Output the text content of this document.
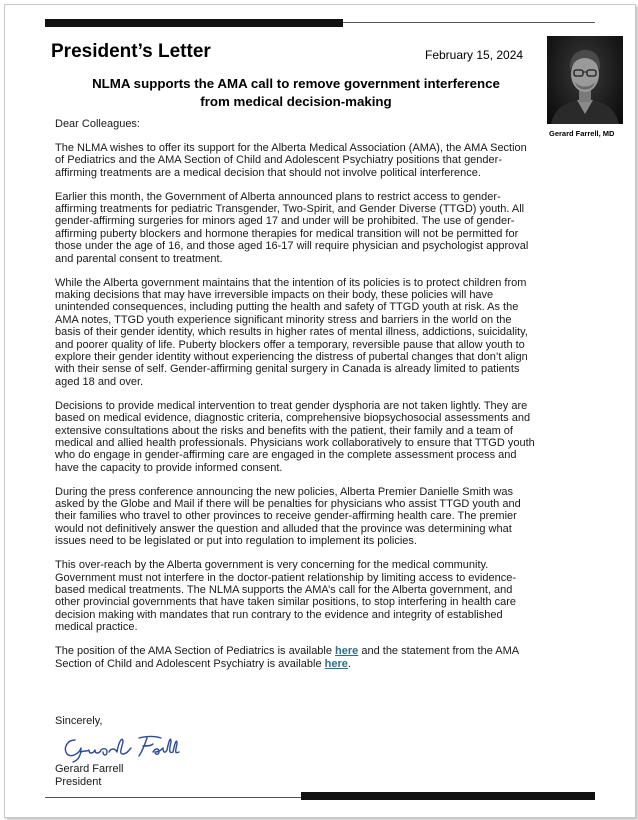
President’s Letter	February 15, 2024
Gerard Farrell, MD
NLMA supports the AMA call to remove government interference
from medical decision-making

Dear Colleagues:

The NLMA wishes to offer its support for the Alberta Medical Association (AMA), the AMA Section of Pediatrics and the AMA Section of Child and Adolescent Psychiatry positions that gender-affirming treatments are a medical decision that should not involve political interference.

Earlier this month, the Government of Alberta announced plans to restrict access to gender-affirming treatments for pediatric Transgender, Two-Spirit, and Gender Diverse (TTGD) youth. All gender-affirming surgeries for minors aged 17 and under will be prohibited. The use of gender-affirming puberty blockers and hormone therapies for medical transition will not be permitted for those under the age of 16, and those aged 16-17 will require physician and psychologist approval and parental consent to treatment.

While the Alberta government maintains that the intention of its policies is to protect children from making decisions that may have irreversible impacts on their body, these policies will have unintended consequences, including putting the health and safety of TTGD youth at risk. As the AMA notes, TTGD youth experience significant minority stress and barriers in the world on the basis of their gender identity, which results in higher rates of mental illness, addictions, suicidality, and poorer quality of life. Puberty blockers offer a temporary, reversible pause that allow youth to explore their gender identity without experiencing the distress of pubertal changes that don’t align with their sense of self. Gender-affirming genital surgery in Canada is already limited to patients aged 18 and over.

Decisions to provide medical intervention to treat gender dysphoria are not taken lightly. They are based on medical evidence, diagnostic criteria, comprehensive biopsychosocial assessments and extensive consultations about the risks and benefits with the patient, their family and a team of medical and allied health professionals. Physicians work collaboratively to ensure that TTGD youth who do engage in gender-affirming care are engaged in the complete assessment process and have the capacity to provide informed consent.

During the press conference announcing the new policies, Alberta Premier Danielle Smith was asked by the Globe and Mail if there will be penalties for physicians who assist TTGD youth and their families who travel to other provinces to receive gender-affirming health care. The premier would not definitively answer the question and alluded that the province was determining what issues need to be legislated or put into regulation to implement its policies.

This over-reach by the Alberta government is very concerning for the medical community. Government must not interfere in the doctor-patient relationship by limiting access to evidence-based medical treatments. The NLMA supports the AMA’s call for the Alberta government, and other provincial governments that have taken similar positions, to stop interfering in health care decision making with mandates that run contrary to the evidence and integrity of established medical practice.

The position of the AMA Section of Pediatrics is available here and the statement from the AMA Section of Child and Adolescent Psychiatry is available here.

Sincerely,
Gerard Farrell
President
